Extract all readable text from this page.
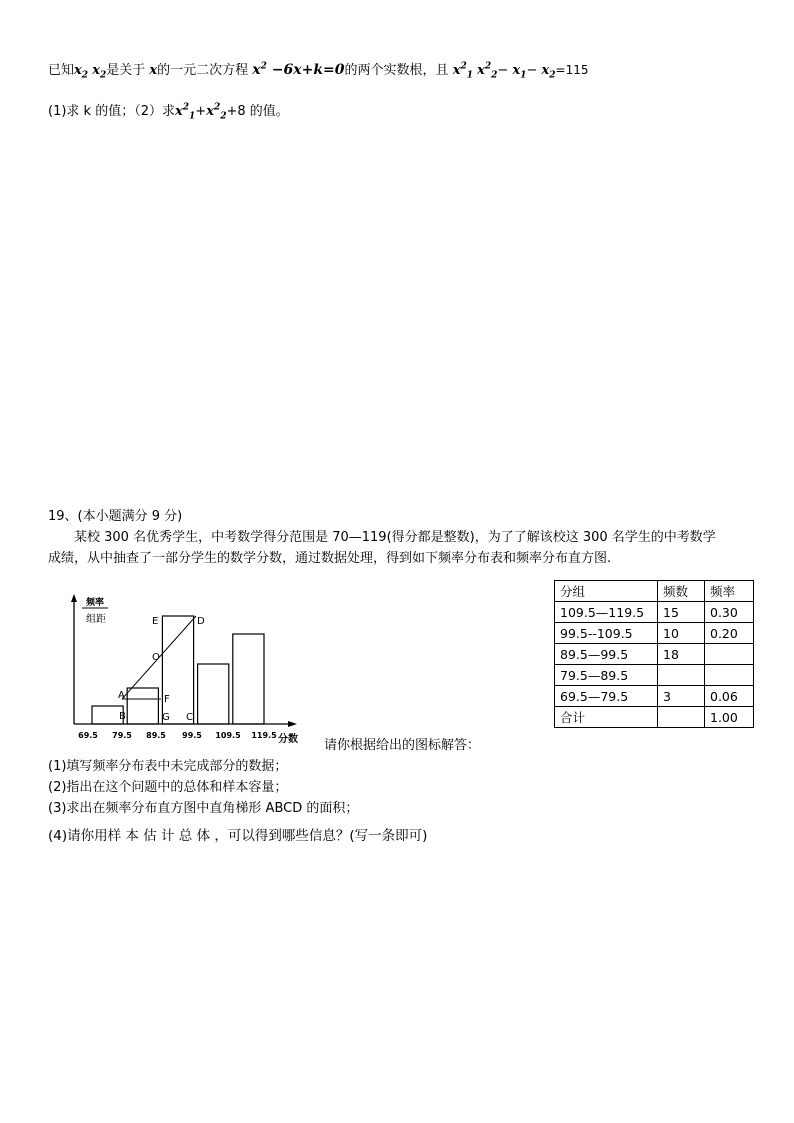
已知$x_2$ $x_2$是关于 x的一元二次方程 $x^2 -6x+k=0$的两个实数根，且 $x^2_1$ $x^2_2- x_1- x_2=115$
(1)求 k 的值；（2）求$x^2_1+x^2_2+8$ 的值。
19、(本小题满分 9 分)
某校 300 名优秀学生，中考数学得分范围是 70—119(得分都是整数)，为了了解该校这 300 名学生的中考数学
成绩，从中抽查了一部分学生的数学分数，通过数据处理，得到如下频率分布表和频率分布直方图.
分组	频数	频率
109.5—119.5	15	0.30
99.5--109.5	10	0.20
89.5—99.5	18	
79.5—89.5		
69.5—79.5	3	0.06
合计		1.00
频率
组距
分数
69.5 79.5 89.5 99.5 109.5 119.5
A
B	C
D
E
F
G
O
请你根据给出的图标解答：
(1)填写频率分布表中未完成部分的数据；
(2)指出在这个问题中的总体和样本容量；
(3)求出在频率分布直方图中直角梯形 ABCD 的面积；
(4)请你用样 本 估 计 总 体 ，可以得到哪些信息？(写一条即可)
